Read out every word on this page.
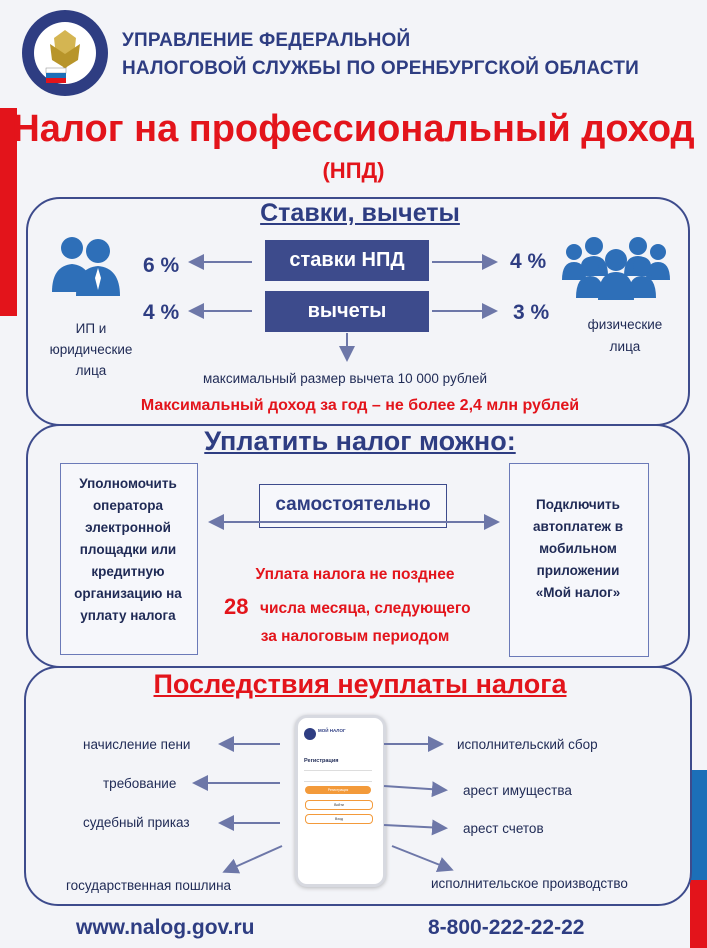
УПРАВЛЕНИЕ ФЕДЕРАЛЬНОЙ
НАЛОГОВОЙ СЛУЖБЫ ПО ОРЕНБУРГСКОЙ ОБЛАСТИ
Налог на профессиональный доход
(НПД)
Ставки, вычеты
ставки НПД
вычеты
6 %
4 %
4 %
3 %
ИП и юридические лица
физические лица
максимальный размер вычета 10 000 рублей
Максимальный доход за год – не более 2,4 млн рублей
Уплатить налог можно:
Уполномочить оператора электронной площадки или кредитную организацию на уплату налога
самостоятельно	Подключить автоплатеж в мобильном приложении «Мой налог»
Уплата налога не позднее
28 числа месяца, следующего
за налоговым периодом
Последствия неуплаты налога
начисление пени
требование
судебный приказ
государственная пошлина
исполнительский сбор
арест имущества
арест счетов
исполнительское производство
МОЙ НАЛОГ
Регистрация
Регистрация
Войти
Вход
www.nalog.gov.ru	8-800-222-22-22
